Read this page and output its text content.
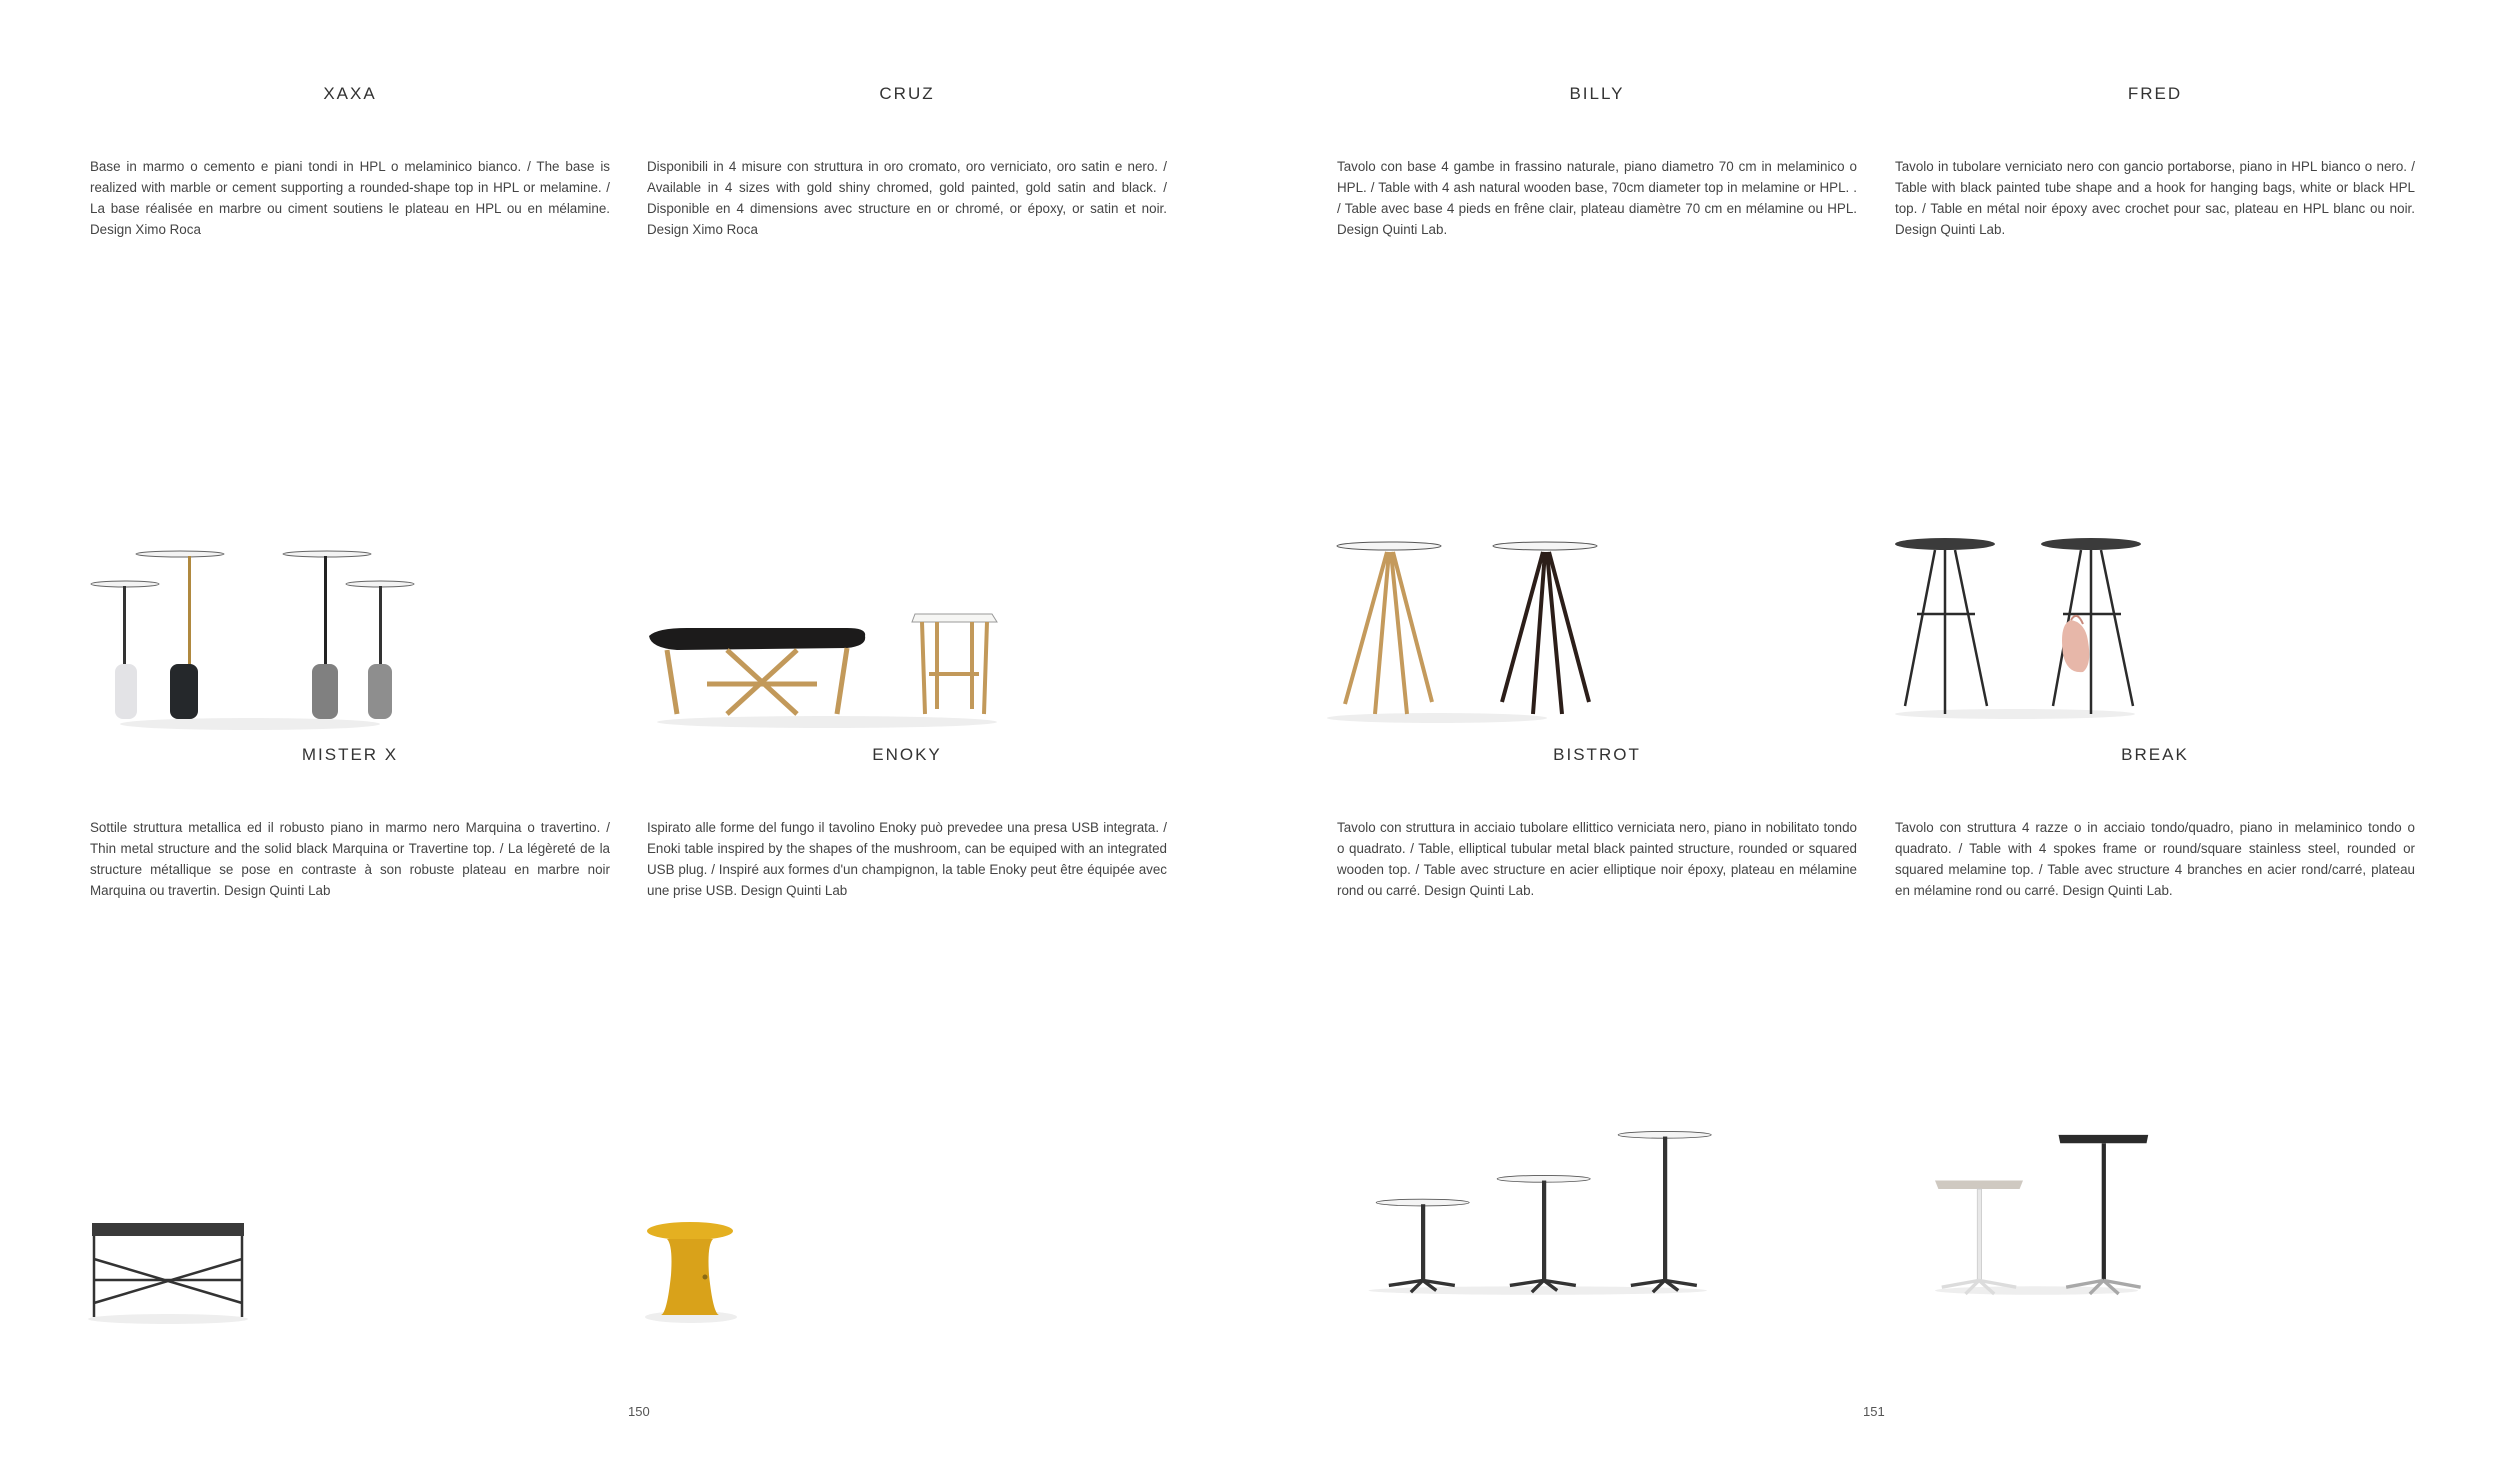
XAXA

Base in marmo o cemento e piani tondi in HPL o melaminico bianco. / The base is realized with marble or cement supporting a rounded-shape top in HPL or melamine. / La base réalisée en marbre ou ciment soutiens le plateau en HPL ou en mélamine. Design Ximo Roca

CRUZ

Disponibili in 4 misure con struttura in oro cromato, oro verniciato, oro satin e nero. / Available in 4 sizes with gold shiny chromed, gold painted, gold satin and black. / Disponible en 4 dimensions avec structure en or chromé, or époxy, or satin et noir. Design Ximo Roca

MISTER X

Sottile struttura metallica ed il robusto piano in marmo nero Marquina o travertino. / Thin metal structure and the solid black Marquina or Travertine top. / La légèreté de la structure métallique se pose en contraste à son robuste plateau en marbre noir Marquina ou travertin. Design Quinti Lab

ENOKY

Ispirato alle forme del fungo il tavolino Enoky può prevedee una presa USB integrata. / Enoki table inspired by the shapes of the mushroom, can be equiped with an integrated USB plug. / Inspiré aux formes d'un champignon, la table Enoky peut être équipée avec une prise USB. Design Quinti Lab

150
BILLY

Tavolo con base 4 gambe in frassino naturale, piano diametro 70 cm in melaminico o HPL. / Table with 4 ash natural wooden base, 70cm diameter top in melamine or HPL. . / Table avec base 4 pieds en frêne clair, plateau diamètre 70 cm en mélamine ou HPL. Design Quinti Lab.

FRED

Tavolo in tubolare verniciato nero con gancio portaborse, piano in HPL bianco o nero. / Table with black painted tube shape and a hook for hanging bags, white or black HPL top. / Table en métal noir époxy avec crochet pour sac, plateau en HPL blanc ou noir. Design Quinti Lab.

BISTROT

Tavolo con struttura in acciaio tubolare ellittico verniciata nero, piano in nobilitato tondo o quadrato. / Table, elliptical tubular metal black painted structure, rounded or squared wooden top. / Table avec structure en acier elliptique noir époxy, plateau en mélamine rond ou carré. Design Quinti Lab.

BREAK

Tavolo con struttura 4 razze o in acciaio tondo/quadro, piano in melaminico tondo o quadrato. / Table with 4 spokes frame or round/square stainless steel, rounded or squared melamine top. / Table avec structure 4 branches en acier rond/carré, plateau en mélamine rond ou carré. Design Quinti Lab.

151
